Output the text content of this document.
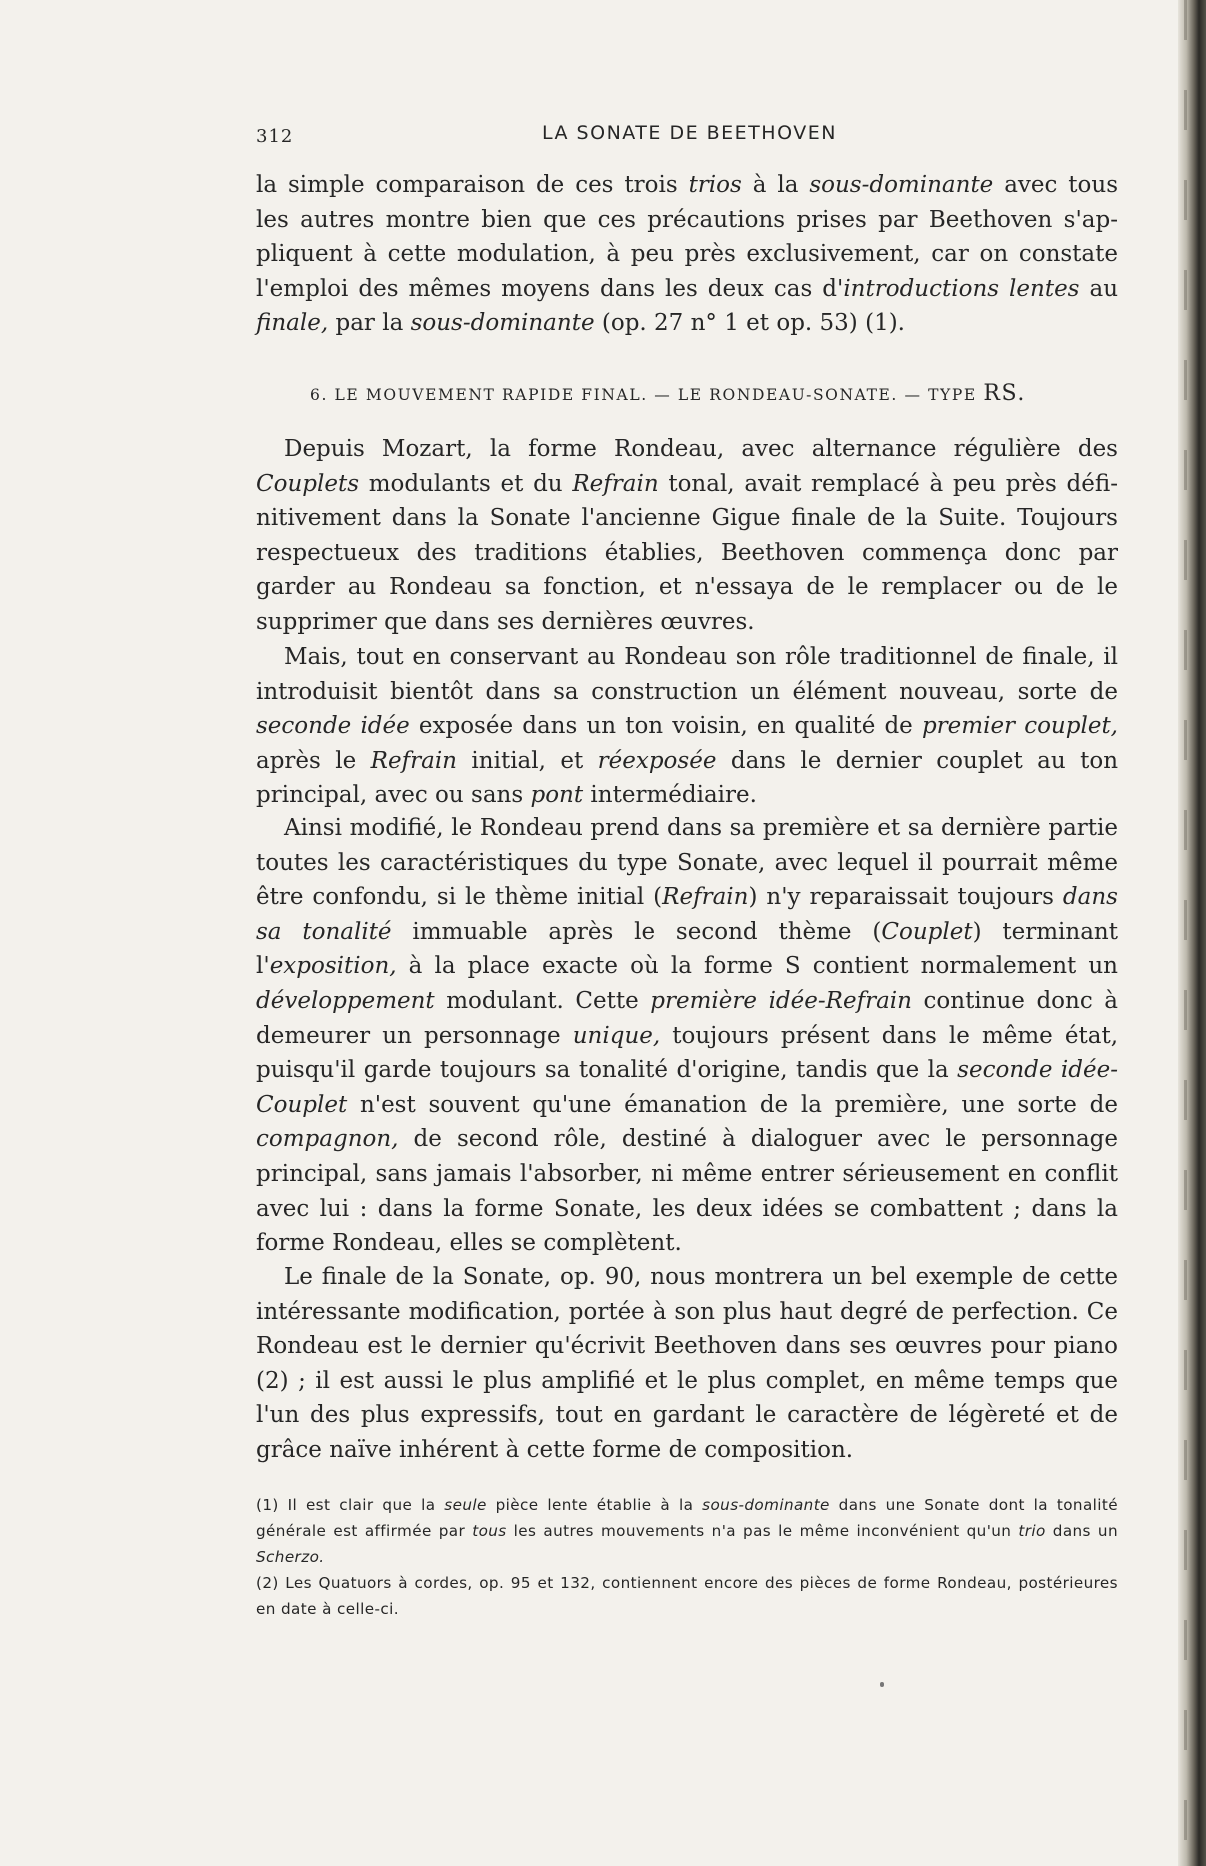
312	LA SONATE DE BEETHOVEN
la simple comparaison de ces trois trios à la sous-dominante avec tous
les autres montre bien que ces précautions prises par Beethoven s'ap-
pliquent à cette modulation, à peu près exclusivement, car on constate
l'emploi des mêmes moyens dans les deux cas d'introductions lentes au
finale, par la sous-dominante (op. 27 n° 1 et op. 53) (1).
6. LE MOUVEMENT RAPIDE FINAL. — LE RONDEAU-SONATE. — TYPE RS.

Depuis Mozart, la forme Rondeau, avec alternance régulière des Couplets modulants et du Refrain tonal, avait remplacé à peu près définitivement dans la Sonate l'ancienne Gigue finale de la Suite. Toujours respectueux des traditions établies, Beethoven commença donc par garder au Rondeau sa fonction, et n'essaya de le remplacer ou de le supprimer que dans ses dernières œuvres.

Mais, tout en conservant au Rondeau son rôle traditionnel de finale, il introduisit bientôt dans sa construction un élément nouveau, sorte de seconde idée exposée dans un ton voisin, en qualité de premier couplet, après le Refrain initial, et réexposée dans le dernier couplet au ton principal, avec ou sans pont intermédiaire.

Ainsi modifié, le Rondeau prend dans sa première et sa dernière partie toutes les caractéristiques du type Sonate, avec lequel il pourrait même être confondu, si le thème initial (Refrain) n'y reparaissait toujours dans sa tonalité immuable après le second thème (Couplet) terminant l'exposition, à la place exacte où la forme S contient normalement un développement modulant. Cette première idée-Refrain continue donc à demeurer un personnage unique, toujours présent dans le même état, puisqu'il garde toujours sa tonalité d'origine, tandis que la seconde idée-Couplet n'est souvent qu'une émanation de la première, une sorte de compagnon, de second rôle, destiné à dialoguer avec le personnage principal, sans jamais l'absorber, ni même entrer sérieusement en conflit avec lui : dans la forme Sonate, les deux idées se combattent ; dans la forme Rondeau, elles se complètent.

Le finale de la Sonate, op. 90, nous montrera un bel exemple de cette intéressante modification, portée à son plus haut degré de perfection. Ce Rondeau est le dernier qu'écrivit Beethoven dans ses œuvres pour piano (2) ; il est aussi le plus amplifié et le plus complet, en même temps que l'un des plus expressifs, tout en gardant le caractère de légèreté et de grâce naïve inhérent à cette forme de composition.

(1) Il est clair que la seule pièce lente établie à la sous-dominante dans une Sonate dont la tonalité générale est affirmée par tous les autres mouvements n'a pas le même inconvénient qu'un trio dans un Scherzo.

(2) Les Quatuors à cordes, op. 95 et 132, contiennent encore des pièces de forme Rondeau, postérieures en date à celle-ci.
